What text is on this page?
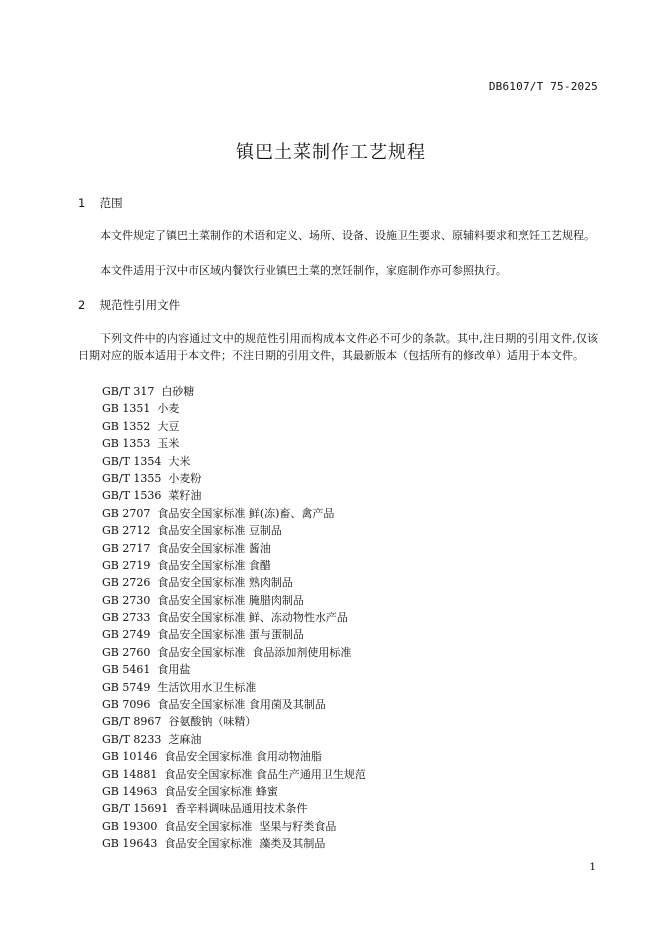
DB6107/T 75-2025
镇巴土菜制作工艺规程
1 范围
本文件规定了镇巴土菜制作的术语和定义、场所、设备、设施卫生要求、原辅料要求和烹饪工艺规程。
本文件适用于汉中市区域内餐饮行业镇巴土菜的烹饪制作，家庭制作亦可参照执行。
2 规范性引用文件
下列文件中的内容通过文中的规范性引用而构成本文件必不可少的条款。其中,注日期的引用文件,仅该日期对应的版本适用于本文件；不注日期的引用文件，其最新版本（包括所有的修改单）适用于本文件。
GB/T 317  白砂糖
GB 1351  小麦
GB 1352  大豆
GB 1353  玉米
GB/T 1354  大米
GB/T 1355  小麦粉
GB/T 1536  菜籽油
GB 2707  食品安全国家标准 鲜(冻)畜、禽产品
GB 2712  食品安全国家标准 豆制品
GB 2717  食品安全国家标准 酱油
GB 2719  食品安全国家标准 食醋
GB 2726  食品安全国家标准 熟肉制品
GB 2730  食品安全国家标准 腌腊肉制品
GB 2733  食品安全国家标准 鲜、冻动物性水产品
GB 2749  食品安全国家标准 蛋与蛋制品
GB 2760  食品安全国家标准  食品添加剂使用标准
GB 5461  食用盐
GB 5749  生活饮用水卫生标准
GB 7096  食品安全国家标准 食用菌及其制品
GB/T 8967  谷氨酸钠（味精）
GB/T 8233  芝麻油
GB 10146  食品安全国家标准 食用动物油脂
GB 14881  食品安全国家标准 食品生产通用卫生规范
GB 14963  食品安全国家标准 蜂蜜
GB/T 15691  香辛料调味品通用技术条件
GB 19300  食品安全国家标准  坚果与籽类食品
GB 19643  食品安全国家标准  藻类及其制品
1
